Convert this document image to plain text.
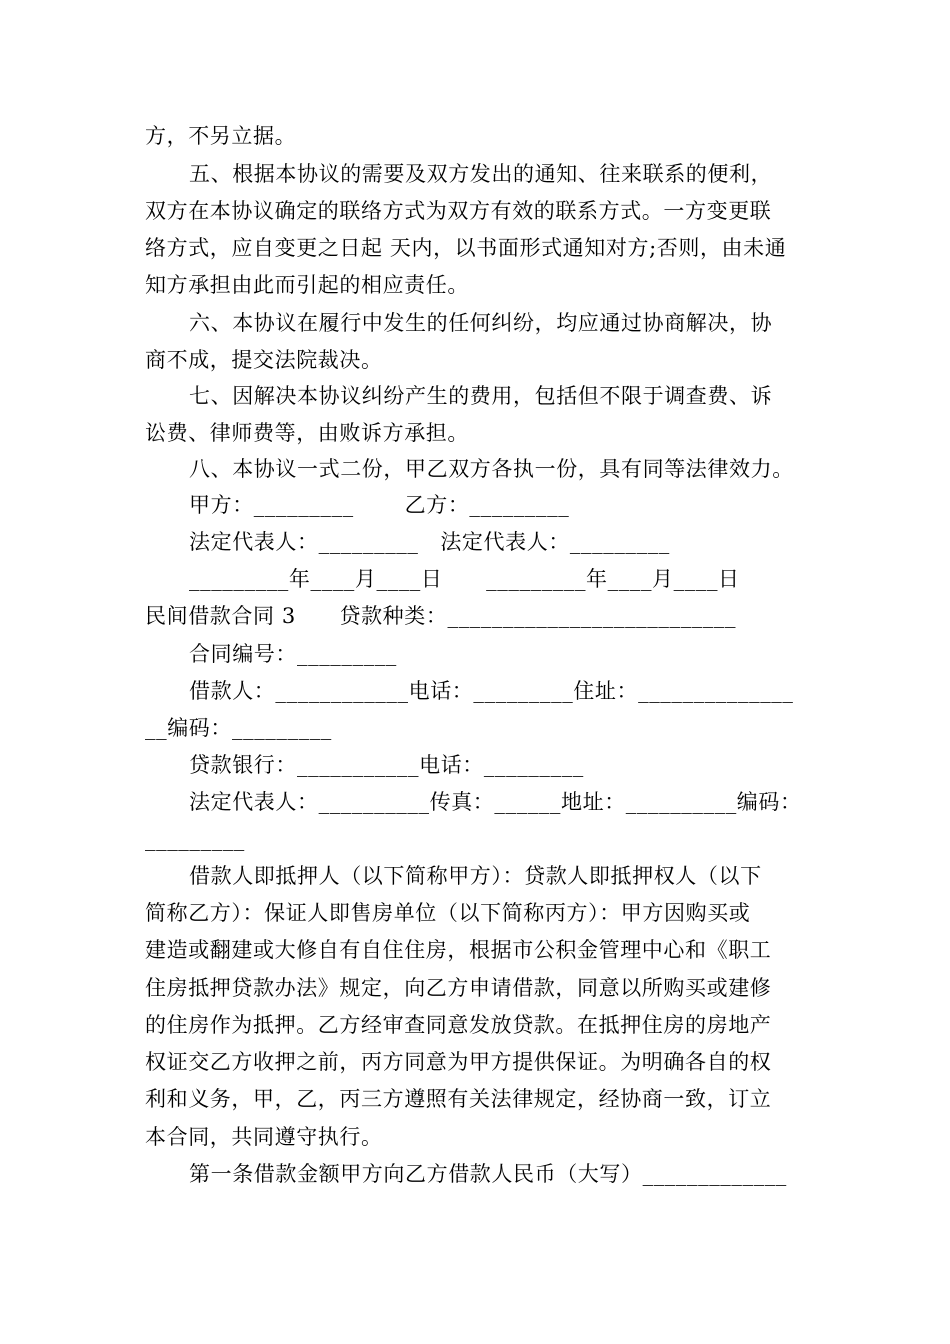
方，不另立据。
五、根据本协议的需要及双方发出的通知、往来联系的便利，
双方在本协议确定的联络方式为双方有效的联系方式。一方变更联
络方式，应自变更之日起 天内，以书面形式通知对方;否则，由未通
知方承担由此而引起的相应责任。
六、本协议在履行中发生的任何纠纷，均应通过协商解决，协
商不成，提交法院裁决。
七、因解决本协议纠纷产生的费用，包括但不限于调查费、诉
讼费、律师费等，由败诉方承担。
八、本协议一式二份，甲乙双方各执一份，具有同等法律效力。
甲方：_________       乙方：_________
法定代表人：_________   法定代表人：_________
_________年____月____日      _________年____月____日
民间借款合同 3      贷款种类：__________________________
合同编号：_________
借款人：____________电话：_________住址：______________
__编码：_________
贷款银行：___________电话：_________
法定代表人：__________传真：______地址：__________编码：
_________
借款人即抵押人（以下简称甲方）：贷款人即抵押权人（以下
简称乙方）：保证人即售房单位（以下简称丙方）：甲方因购买或
建造或翻建或大修自有自住住房，根据市公积金管理中心和《职工
住房抵押贷款办法》规定，向乙方申请借款，同意以所购买或建修
的住房作为抵押。乙方经审查同意发放贷款。在抵押住房的房地产
权证交乙方收押之前，丙方同意为甲方提供保证。为明确各自的权
利和义务，甲，乙，丙三方遵照有关法律规定，经协商一致，订立
本合同，共同遵守执行。
第一条借款金额甲方向乙方借款人民币（大写）_____________
